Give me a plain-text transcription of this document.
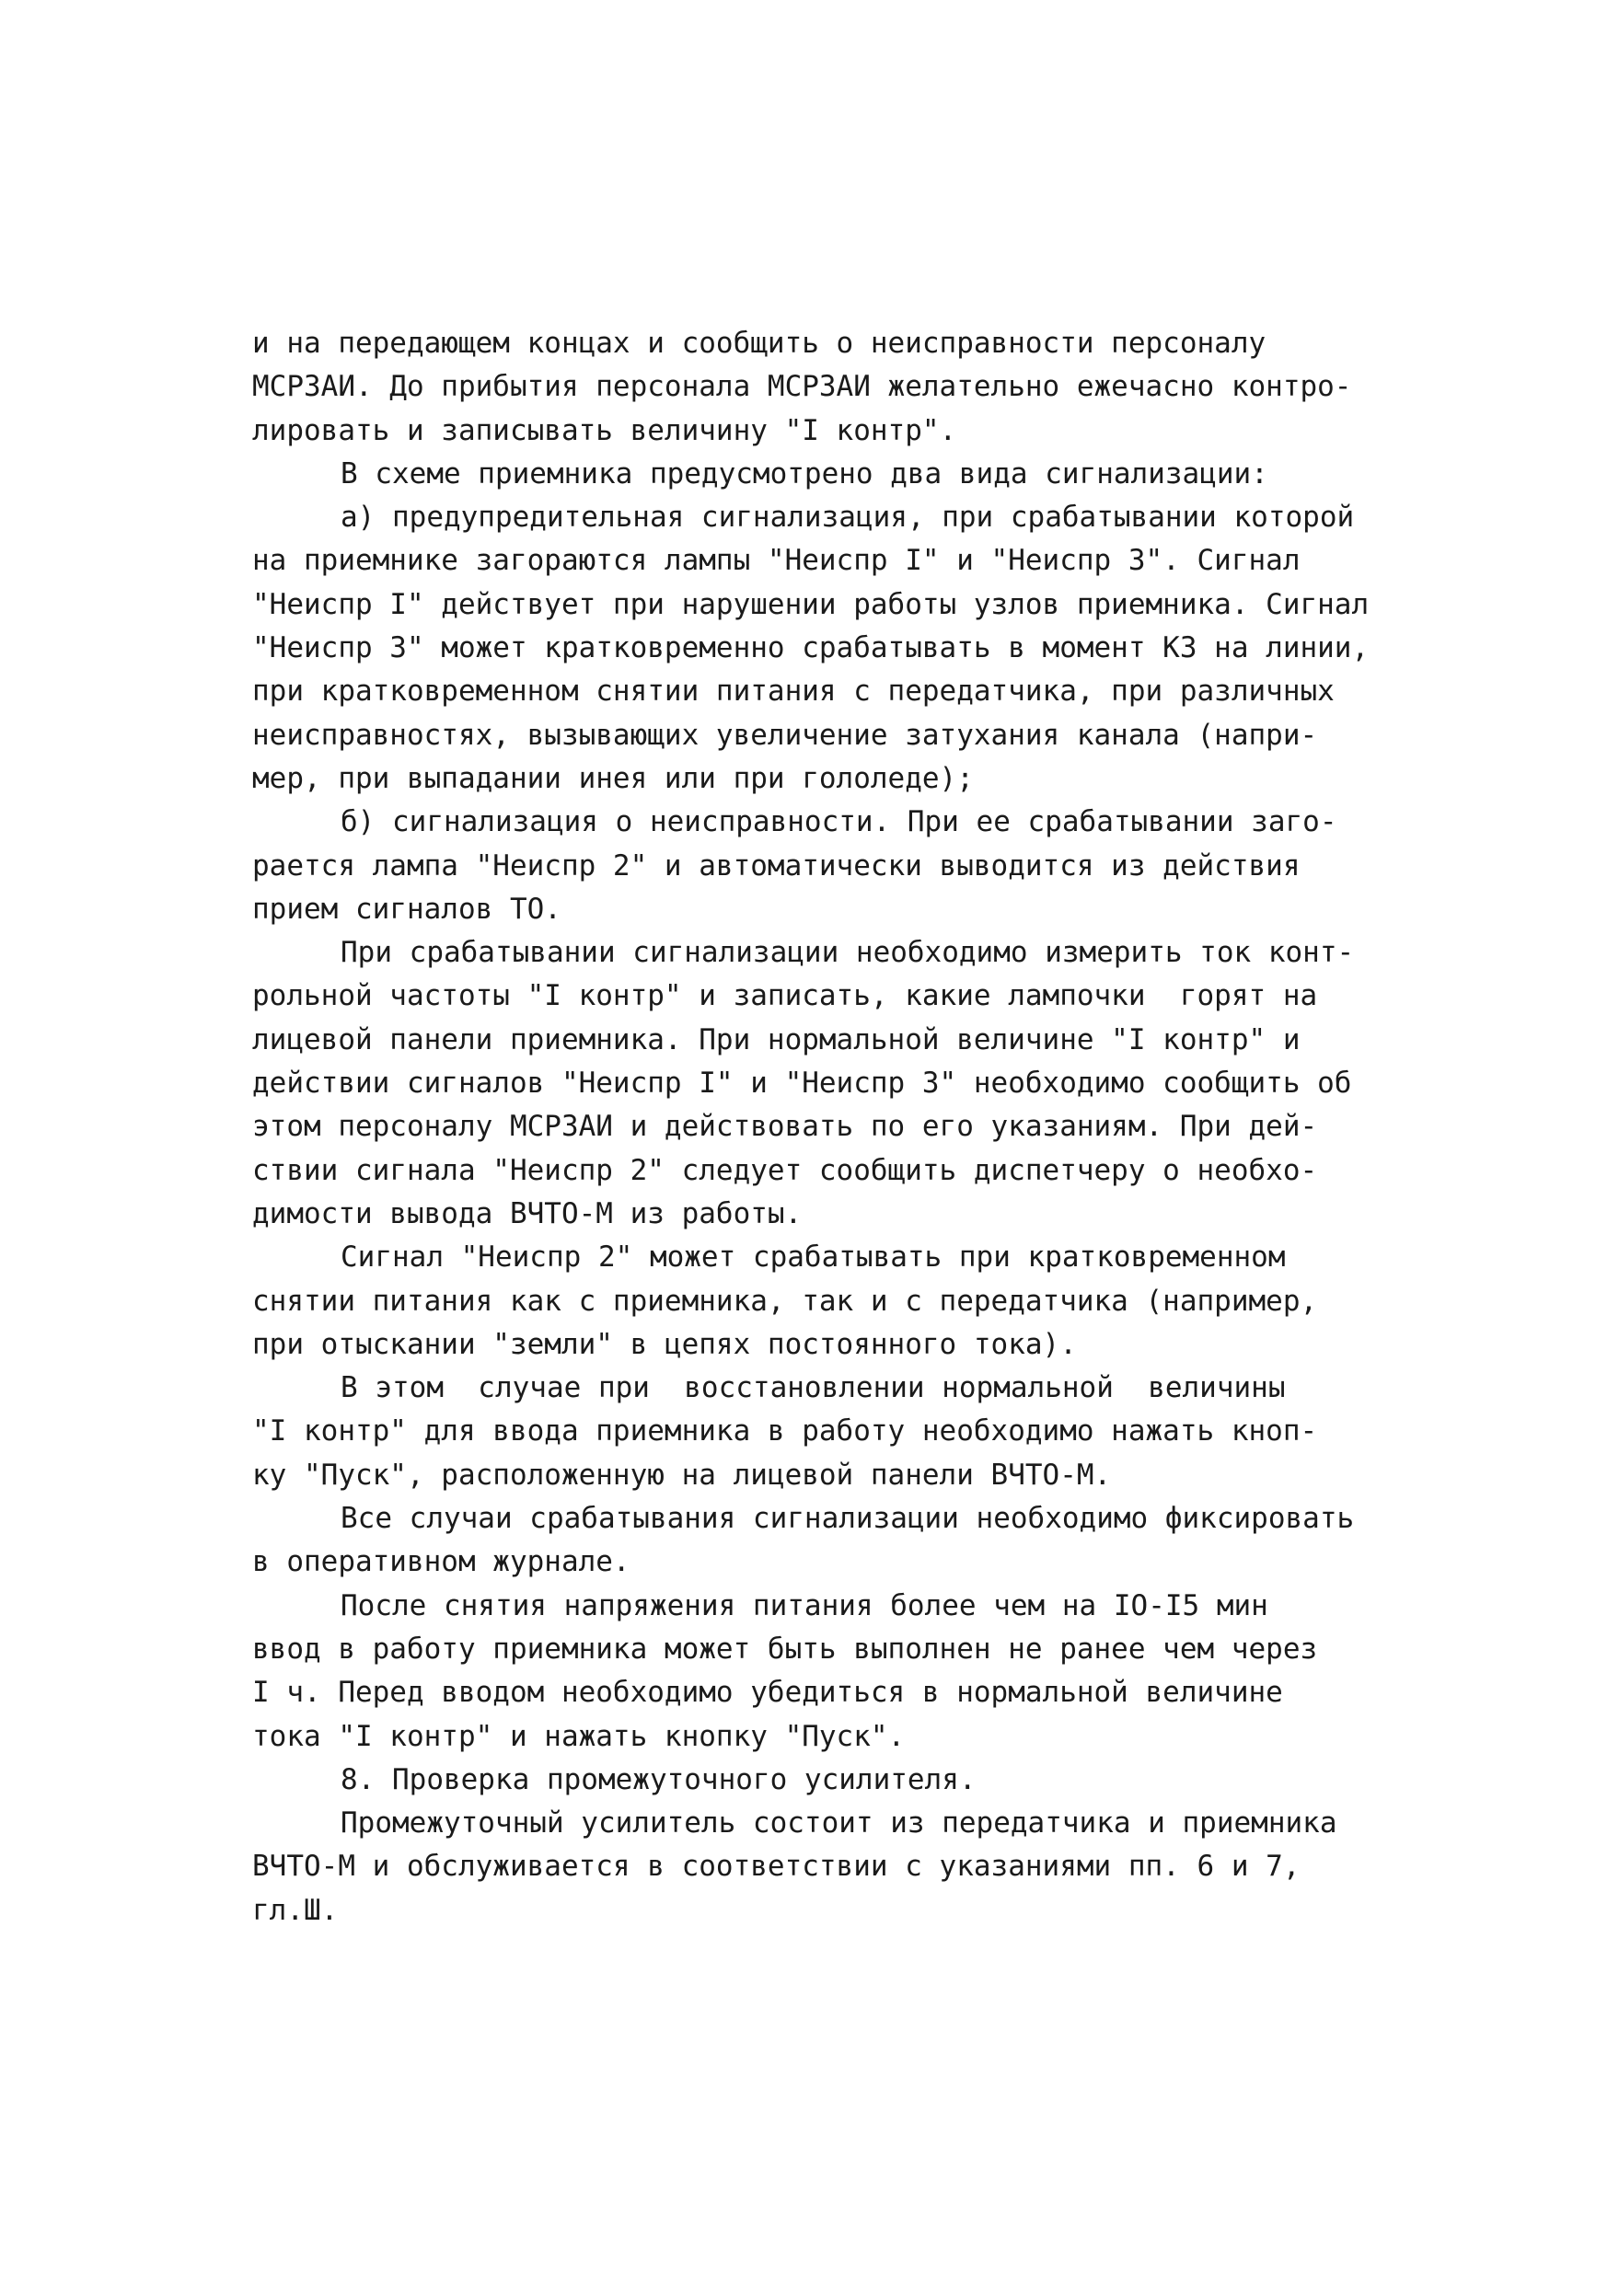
и на передающем концах и сообщить о неисправности персоналу
МСРЗАИ. До прибытия персонала МСРЗАИ желательно ежечасно контро-
лировать и записывать величину "I контр".
В схеме приемника предусмотрено два вида сигнализации:
а) предупредительная сигнализация, при срабатывании которой
на приемнике загораются лампы "Неиспр I" и "Неиспр 3". Сигнал
"Неиспр I" действует при нарушении работы узлов приемника. Сигнал
"Неиспр 3" может кратковременно срабатывать в момент КЗ на линии,
при кратковременном снятии питания с передатчика, при различных
неисправностях, вызывающих увеличение затухания канала (напри-
мер, при выпадании инея или при гололеде);
б) сигнализация о неисправности. При ее срабатывании заго-
рается лампа "Неиспр 2" и автоматически выводится из действия
прием сигналов ТО.
При срабатывании сигнализации необходимо измерить ток конт-
рольной частоты "I контр" и записать, какие лампочки  горят на
лицевой панели приемника. При нормальной величине "I контр" и
действии сигналов "Неиспр I" и "Неиспр 3" необходимо сообщить об
этом персоналу МСРЗАИ и действовать по его указаниям. При дей-
ствии сигнала "Неиспр 2" следует сообщить диспетчеру о необхо-
димости вывода ВЧТО-М из работы.
Сигнал "Неиспр 2" может срабатывать при кратковременном
снятии питания как с приемника, так и с передатчика (например,
при отыскании "земли" в цепях постоянного тока).
В этом  случае при  восстановлении нормальной  величины
"I контр" для ввода приемника в работу необходимо нажать кноп-
ку "Пуск", расположенную на лицевой панели ВЧТО-М.
Все случаи срабатывания сигнализации необходимо фиксировать
в оперативном журнале.
После снятия напряжения питания более чем на IO-I5 мин
ввод в работу приемника может быть выполнен не ранее чем через
I ч. Перед вводом необходимо убедиться в нормальной величине
тока "I контр" и нажать кнопку "Пуск".
8. Проверка промежуточного усилителя.
Промежуточный усилитель состоит из передатчика и приемника
ВЧТО-М и обслуживается в соответствии с указаниями пп. 6 и 7,
гл.Ш.
